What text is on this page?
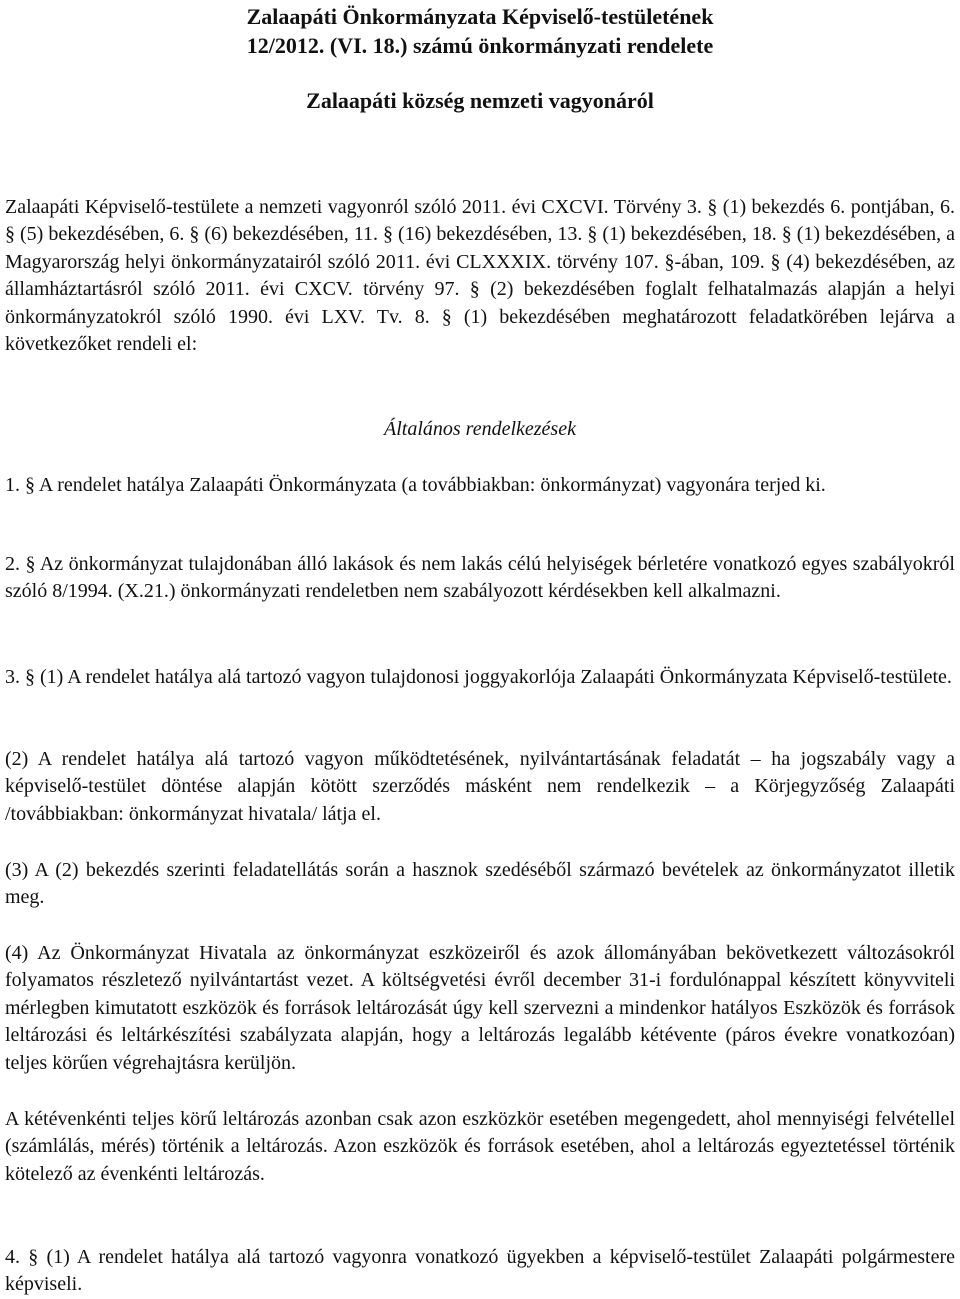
Zalaapáti Önkormányzata Képviselő-testületének
12/2012. (VI. 18.) számú önkormányzati rendelete
Zalaapáti község nemzeti vagyonáról

Zalaapáti Képviselő-testülete a nemzeti vagyonról szóló 2011. évi CXCVI. Törvény 3. § (1) bekezdés 6. pontjában, 6. § (5) bekezdésében, 6. § (6) bekezdésében, 11. § (16) bekezdésében, 13. § (1) bekezdésében, 18. § (1) bekezdésében, a Magyarország helyi önkormányzatairól szóló 2011. évi CLXXXIX. törvény 107. §-ában, 109. § (4) bekezdésében, az államháztartásról szóló 2011. évi CXCV. törvény 97. § (2) bekezdésében foglalt felhatalmazás alapján a helyi önkormányzatokról szóló 1990. évi LXV. Tv. 8. § (1) bekezdésében meghatározott feladatkörében lejárva a következőket rendeli el:

Általános rendelkezések

1. § A rendelet hatálya Zalaapáti Önkormányzata (a továbbiakban: önkormányzat) vagyonára terjed ki.

2. § Az önkormányzat tulajdonában álló lakások és nem lakás célú helyiségek bérletére vonatkozó egyes szabályokról szóló 8/1994. (X.21.) önkormányzati rendeletben nem szabályozott kérdésekben kell alkalmazni.

3. § (1) A rendelet hatálya alá tartozó vagyon tulajdonosi joggyakorlója Zalaapáti Önkormányzata Képviselő-testülete.

(2) A rendelet hatálya alá tartozó vagyon működtetésének, nyilvántartásának feladatát – ha jogszabály vagy a képviselő-testület döntése alapján kötött szerződés másként nem rendelkezik – a Körjegyzőség Zalaapáti /továbbiakban: önkormányzat hivatala/ látja el.

(3) A (2) bekezdés szerinti feladatellátás során a hasznok szedéséből származó bevételek az önkormányzatot illetik meg.

(4) Az Önkormányzat Hivatala az önkormányzat eszközeiről és azok állományában bekövetkezett változásokról folyamatos részletező nyilvántartást vezet. A költségvetési évről december 31-i fordulónappal készített könyvviteli mérlegben kimutatott eszközök és források leltározását úgy kell szervezni a mindenkor hatályos Eszközök és források leltározási és leltárkészítési szabályzata alapján, hogy a leltározás legalább kétévente (páros évekre vonatkozóan) teljes körűen végrehajtásra kerüljön.

A kétévenkénti teljes körű leltározás azonban csak azon eszközkör esetében megengedett, ahol mennyiségi felvétellel (számlálás, mérés) történik a leltározás. Azon eszközök és források esetében, ahol a leltározás egyeztetéssel történik kötelező az évenkénti leltározás.

4. § (1) A rendelet hatálya alá tartozó vagyonra vonatkozó ügyekben a képviselő-testület Zalaapáti polgármestere képviseli.
